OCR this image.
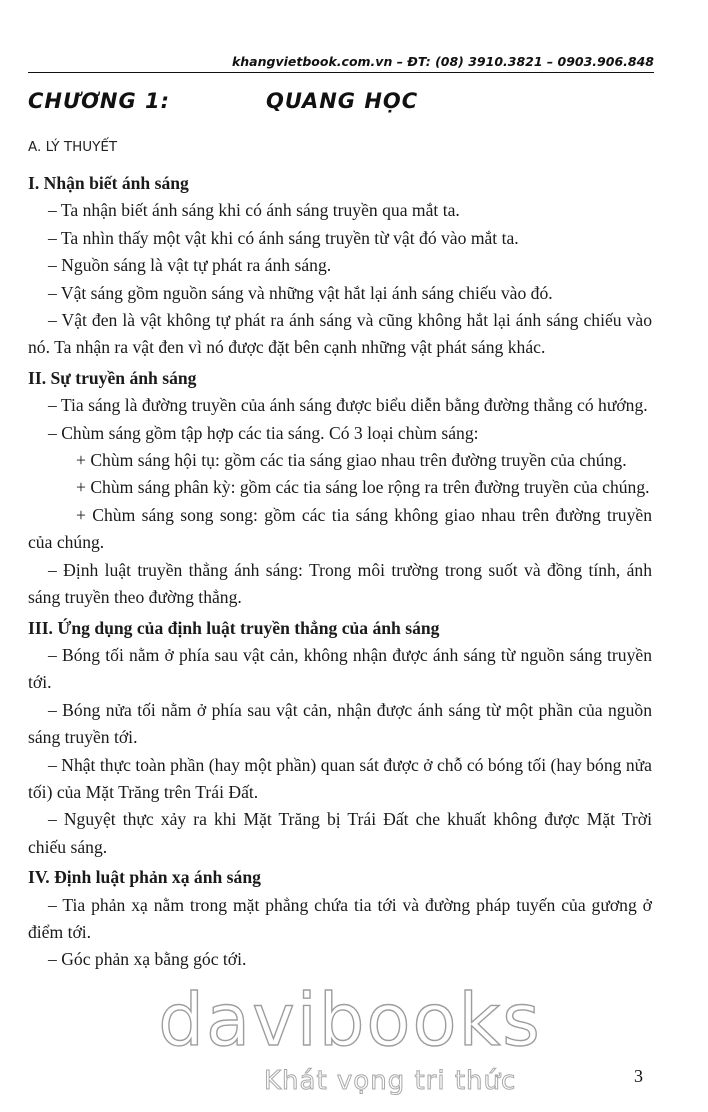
khangvietbook.com.vn – ĐT: (08) 3910.3821 – 0903.906.848
CHƯƠNG 1:	QUANG HỌC
A. LÝ THUYẾT

I. Nhận biết ánh sáng

– Ta nhận biết ánh sáng khi có ánh sáng truyền qua mắt ta.

– Ta nhìn thấy một vật khi có ánh sáng truyền từ vật đó vào mắt ta.

– Nguồn sáng là vật tự phát ra ánh sáng.

– Vật sáng gồm nguồn sáng và những vật hắt lại ánh sáng chiếu vào đó.

– Vật đen là vật không tự phát ra ánh sáng và cũng không hắt lại ánh sáng chiếu vào nó. Ta nhận ra vật đen vì nó được đặt bên cạnh những vật phát sáng khác.

II. Sự truyền ánh sáng

– Tia sáng là đường truyền của ánh sáng được biểu diễn bằng đường thẳng có hướng.

– Chùm sáng gồm tập hợp các tia sáng. Có 3 loại chùm sáng:

+ Chùm sáng hội tụ: gồm các tia sáng giao nhau trên đường truyền của chúng.

+ Chùm sáng phân kỳ: gồm các tia sáng loe rộng ra trên đường truyền của chúng.

+ Chùm sáng song song: gồm các tia sáng không giao nhau trên đường truyền của chúng.

– Định luật truyền thẳng ánh sáng: Trong môi trường trong suốt và đồng tính, ánh sáng truyền theo đường thẳng.

III. Ứng dụng của định luật truyền thẳng của ánh sáng

– Bóng tối nằm ở phía sau vật cản, không nhận được ánh sáng từ nguồn sáng truyền tới.

– Bóng nửa tối nằm ở phía sau vật cản, nhận được ánh sáng từ một phần của nguồn sáng truyền tới.

– Nhật thực toàn phần (hay một phần) quan sát được ở chỗ có bóng tối (hay bóng nửa tối) của Mặt Trăng trên Trái Đất.

– Nguyệt thực xảy ra khi Mặt Trăng bị Trái Đất che khuất không được Mặt Trời chiếu sáng.

IV. Định luật phản xạ ánh sáng

– Tia phản xạ nằm trong mặt phẳng chứa tia tới và đường pháp tuyến của gương ở điểm tới.

– Góc phản xạ bằng góc tới.

davibooks
Khát vọng tri thức	3
